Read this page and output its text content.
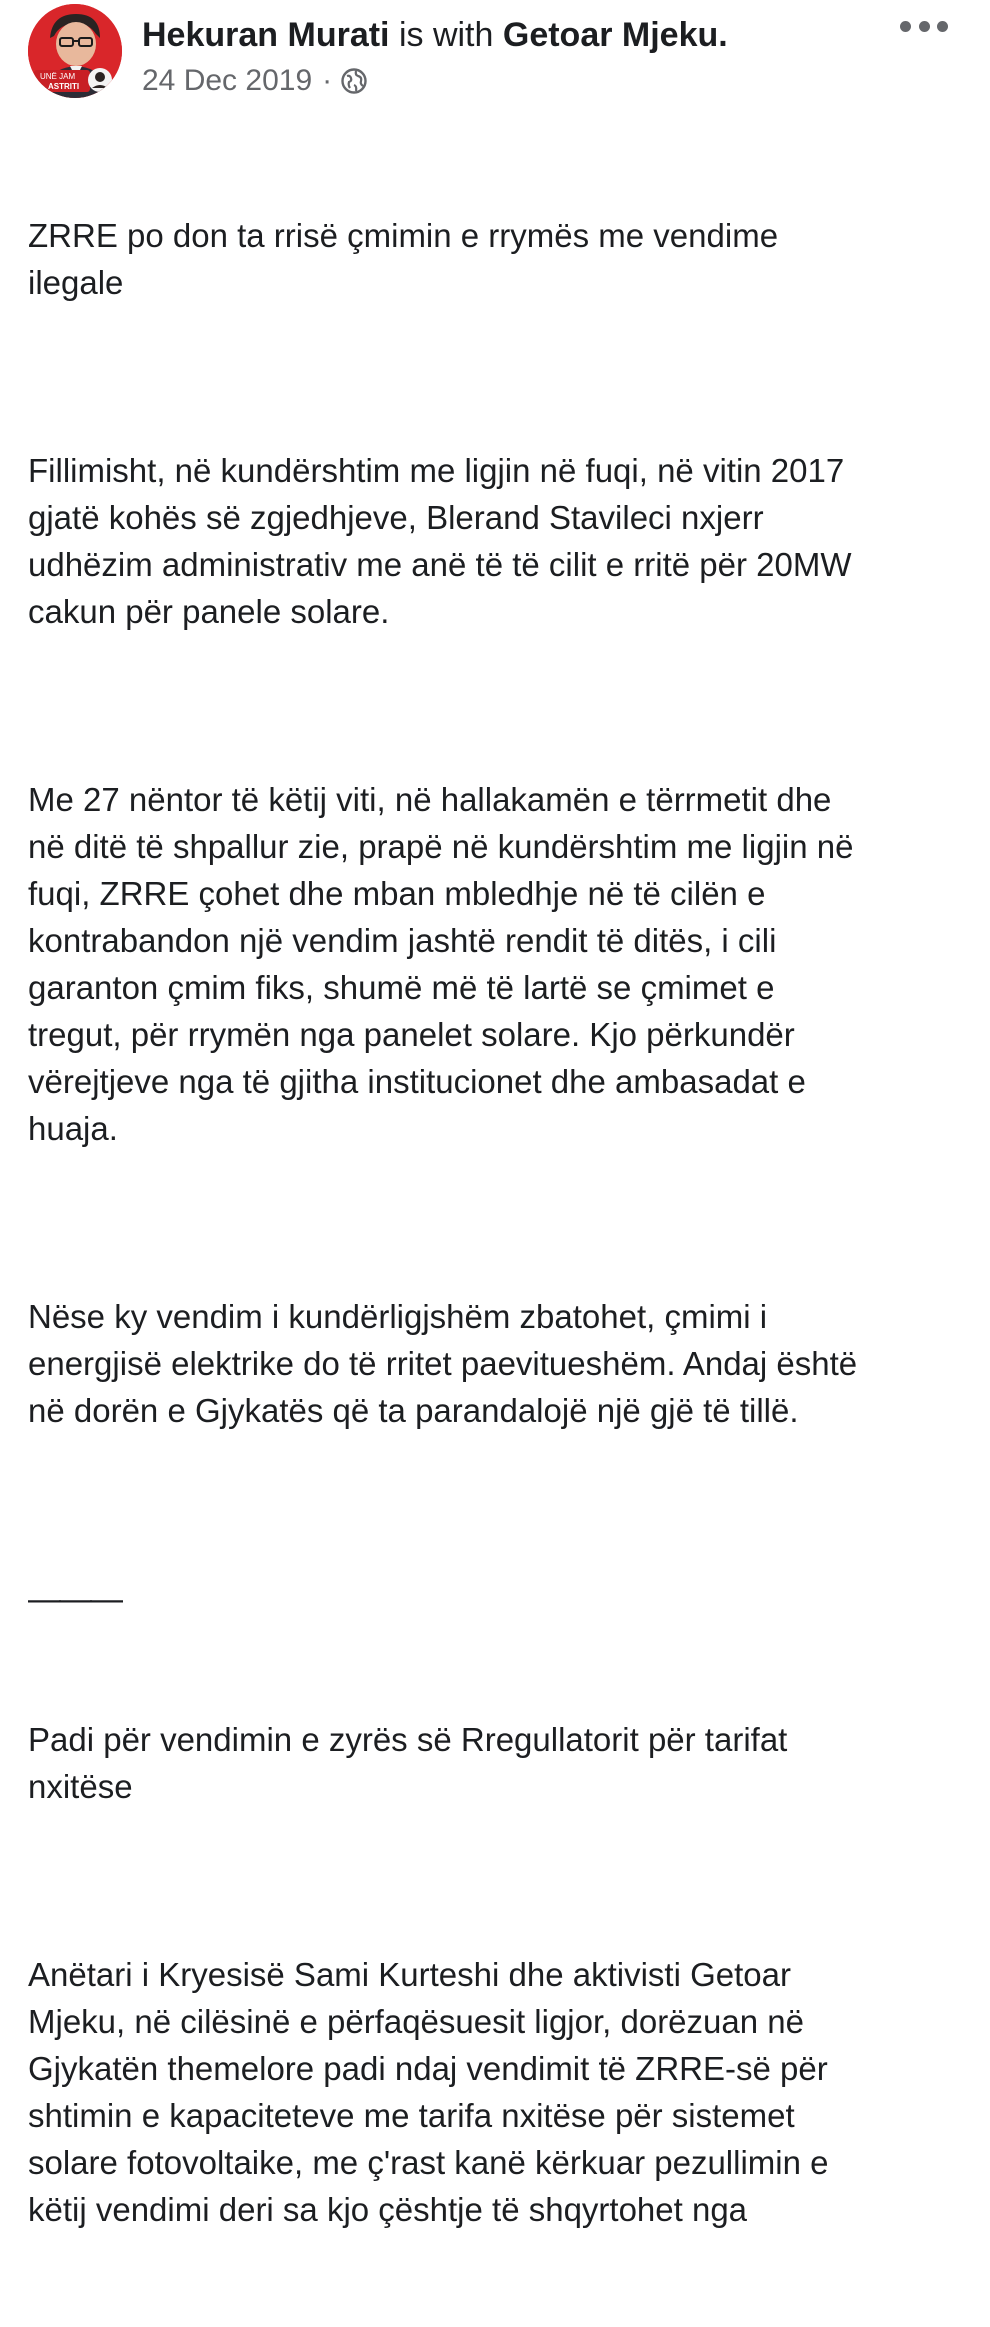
UNË JAM
ASTRITI
Hekuran Murati is with Getoar Mjeku.
24 Dec 2019 ·

ZRRE po don ta rrisë çmimin e rrymës me vendime
ilegale

Fillimisht, në kundërshtim me ligjin në fuqi, në vitin 2017
gjatë kohës së zgjedhjeve, Blerand Stavileci nxjerr
udhëzim administrativ me anë të të cilit e rritë për 20MW
cakun për panele solare.

Me 27 nëntor të këtij viti, në hallakamën e tërrmetit dhe
në ditë të shpallur zie, prapë në kundërshtim me ligjin në
fuqi, ZRRE çohet dhe mban mbledhje në të cilën e
kontrabandon një vendim jashtë rendit të ditës, i cili
garanton çmim fiks, shumë më të lartë se çmimet e
tregut, për rrymën nga panelet solare. Kjo përkundër
vërejtjeve nga të gjitha institucionet dhe ambasadat e
huaja.

Nëse ky vendim i kundërligjshëm zbatohet, çmimi i
energjisë elektrike do të rritet paevitueshëm. Andaj është
në dorën e Gjykatës që ta parandalojë një gjë të tillë.

———

Padi për vendimin e zyrës së Rregullatorit për tarifat
nxitëse

Anëtari i Kryesisë Sami Kurteshi dhe aktivisti Getoar
Mjeku, në cilësinë e përfaqësuesit ligjor, dorëzuan në
Gjykatën themelore padi ndaj vendimit të ZRRE-së për
shtimin e kapaciteteve me tarifa nxitëse për sistemet
solare fotovoltaike, me ç'rast kanë kërkuar pezullimin e
këtij vendimi deri sa kjo çështje të shqyrtohet nga
